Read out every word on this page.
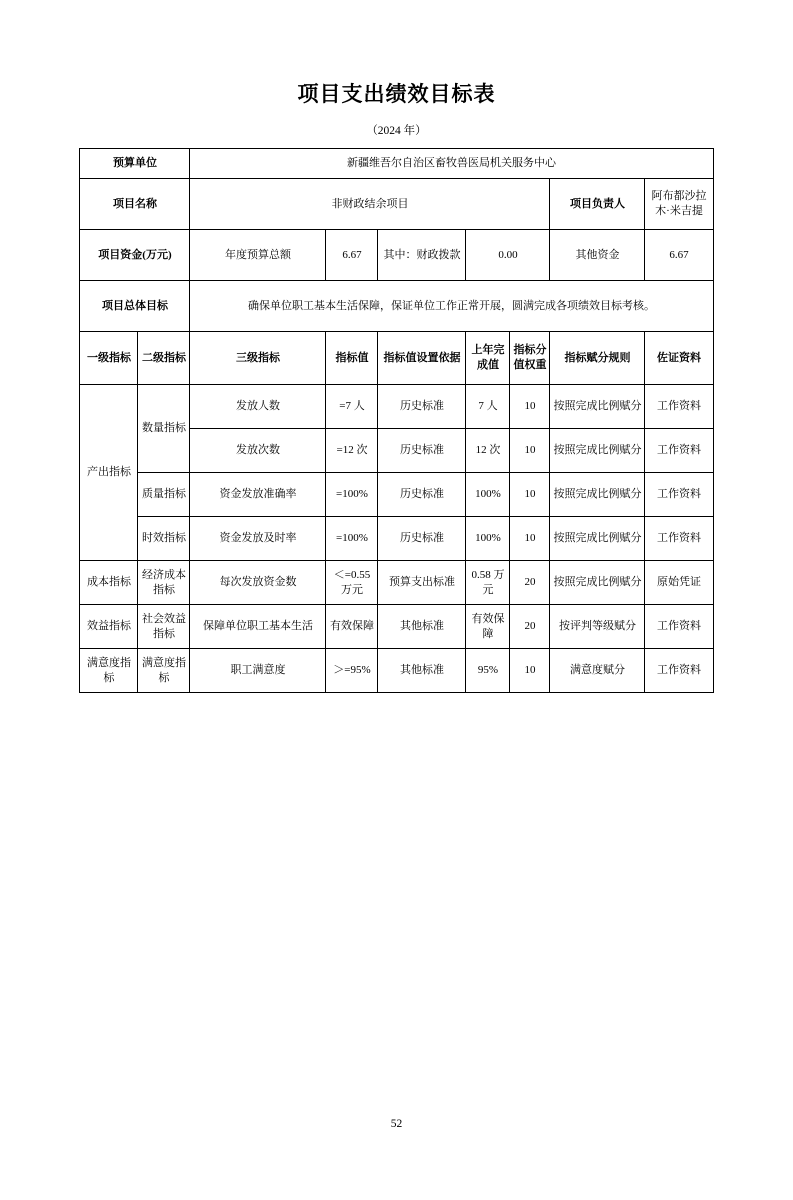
项目支出绩效目标表
（2024 年）
预算单位		新疆维吾尔自治区畜牧兽医局机关服务中心						
项目名称		非财政结余项目					项目负责人	阿布都沙拉木·米吉提
项目资金(万元)		年度预算总额	6.67	其中：财政拨款	0.00		其他资金	6.67
项目总体目标		确保单位职工基本生活保障，保证单位工作正常开展，圆满完成各项绩效目标考核。						
一级指标	二级指标	三级指标	指标值	指标值设置依据	上年完成值	指标分值权重	指标赋分规则	佐证资料
产出指标	数量指标	发放人数	=7 人	历史标准	7 人	10	按照完成比例赋分	工作资料
		发放次数	=12 次	历史标准	12 次	10	按照完成比例赋分	工作资料
	质量指标	资金发放准确率	=100%	历史标准	100%	10	按照完成比例赋分	工作资料
	时效指标	资金发放及时率	=100%	历史标准	100%	10	按照完成比例赋分	工作资料
成本指标	经济成本指标	每次发放资金数	＜=0.55 万元	预算支出标准	0.58 万元	20	按照完成比例赋分	原始凭证
效益指标	社会效益指标	保障单位职工基本生活	有效保障	其他标准	有效保障	20	按评判等级赋分	工作资料
满意度指标	满意度指标	职工满意度	＞=95%	其他标准	95%	10	满意度赋分	工作资料
52
